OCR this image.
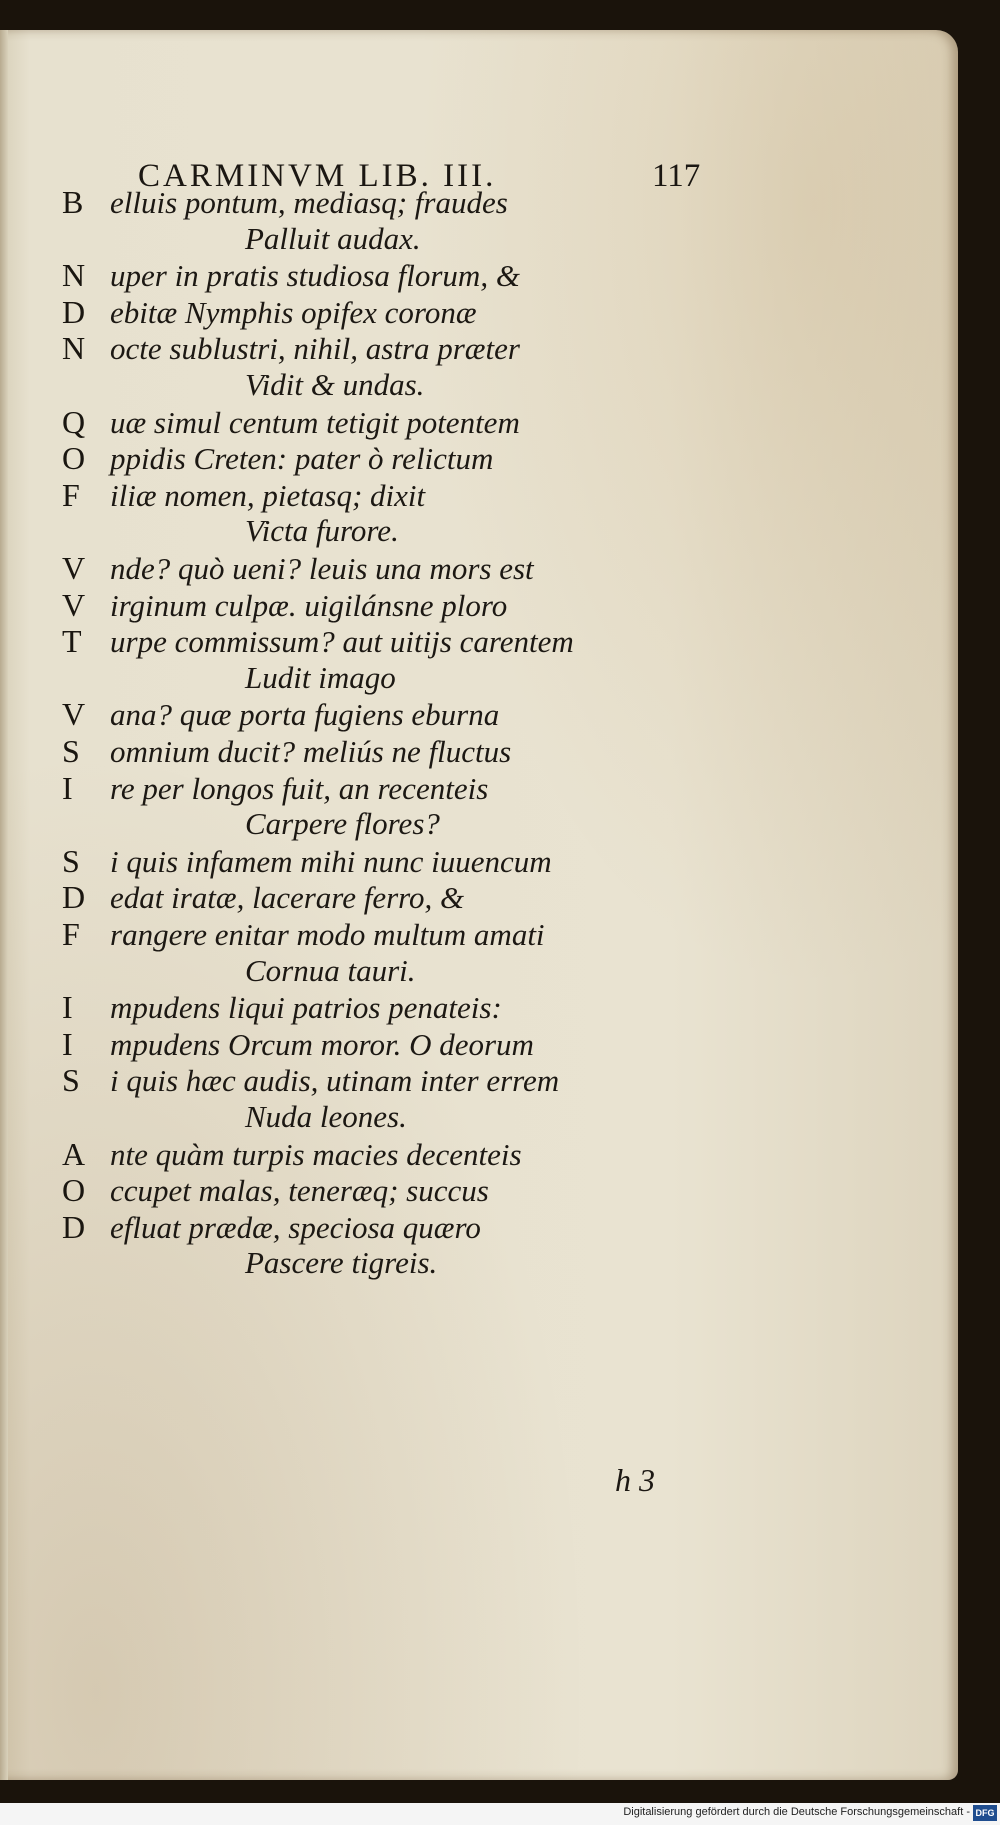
CARMINVM LIB. III.	117
B elluis pontum, mediasq; fraudes
Palluit audax.
N uper in pratis studiosa florum, &
D ebitæ Nymphis opifex coronæ
N octe sublustri, nihil, astra præter
Vidit & undas.
Q uæ simul centum tetigit potentem
O ppidis Creten: pater ò relictum
F iliæ nomen, pietasq; dixit
Victa furore.
V nde? quò ueni? leuis una mors est
V irginum culpæ. uigilánsne ploro
T urpe commissum? aut uitijs carentem
Ludit imago
V ana? quæ porta fugiens eburna
S omnium ducit? meliús ne fluctus
I re per longos fuit, an recenteis
Carpere flores?
S i quis infamem mihi nunc iuuencum
D edat iratæ, lacerare ferro, &
F rangere enitar modo multum amati
Cornua tauri.
I mpudens liqui patrios penateis:
I mpudens Orcum moror. O deorum
S i quis hæc audis, utinam inter errem
Nuda leones.
A nte quàm turpis macies decenteis
O ccupet malas, teneræq; succus
D efluat prædæ, speciosa quæro
Pascere tigreis.
h 3
Digitalisierung gefördert durch die Deutsche Forschungsgemeinschaft - DFG
